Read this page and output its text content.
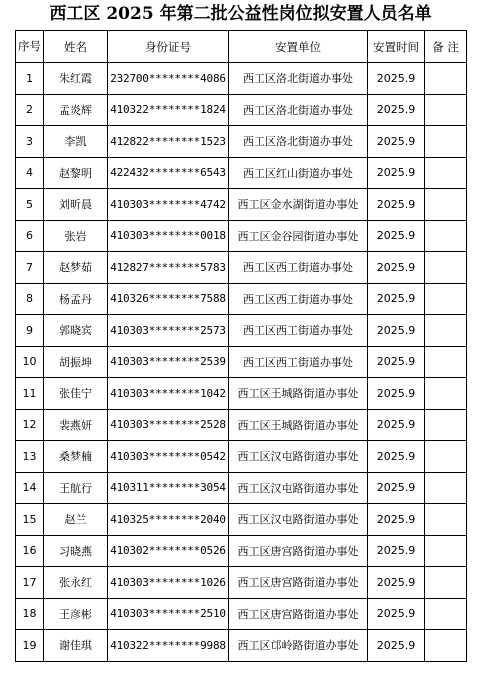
西工区 2025 年第二批公益性岗位拟安置人员名单
序号	姓名	身份证号	安置单位	安置时间	备 注
1	朱红霞	232700********4086	西工区洛北街道办事处	2025.9	
2	孟炎辉	410322********1824	西工区洛北街道办事处	2025.9	
3	李凯	412822********1523	西工区洛北街道办事处	2025.9	
4	赵黎明	422432********6543	西工区红山街道办事处	2025.9	
5	刘昕晨	410303********4742	西工区金水湖街道办事处	2025.9	
6	张岩	410303********0018	西工区金谷园街道办事处	2025.9	
7	赵梦茹	412827********5783	西工区西工街道办事处	2025.9	
8	杨孟丹	410326********7588	西工区西工街道办事处	2025.9	
9	郭晓宾	410303********2573	西工区西工街道办事处	2025.9	
10	胡振坤	410303********2539	西工区西工街道办事处	2025.9	
11	张佳宁	410303********1042	西工区王城路街道办事处	2025.9	
12	裴燕妍	410303********2528	西工区王城路街道办事处	2025.9	
13	桑梦楠	410303********0542	西工区汉屯路街道办事处	2025.9	
14	王航行	410311********3054	西工区汉屯路街道办事处	2025.9	
15	赵兰	410325********2040	西工区汉屯路街道办事处	2025.9	
16	习晓燕	410302********0526	西工区唐宫路街道办事处	2025.9	
17	张永红	410303********1026	西工区唐宫路街道办事处	2025.9	
18	王彦彬	410303********2510	西工区唐宫路街道办事处	2025.9	
19	谢佳琪	410322********9988	西工区邙岭路街道办事处	2025.9	
